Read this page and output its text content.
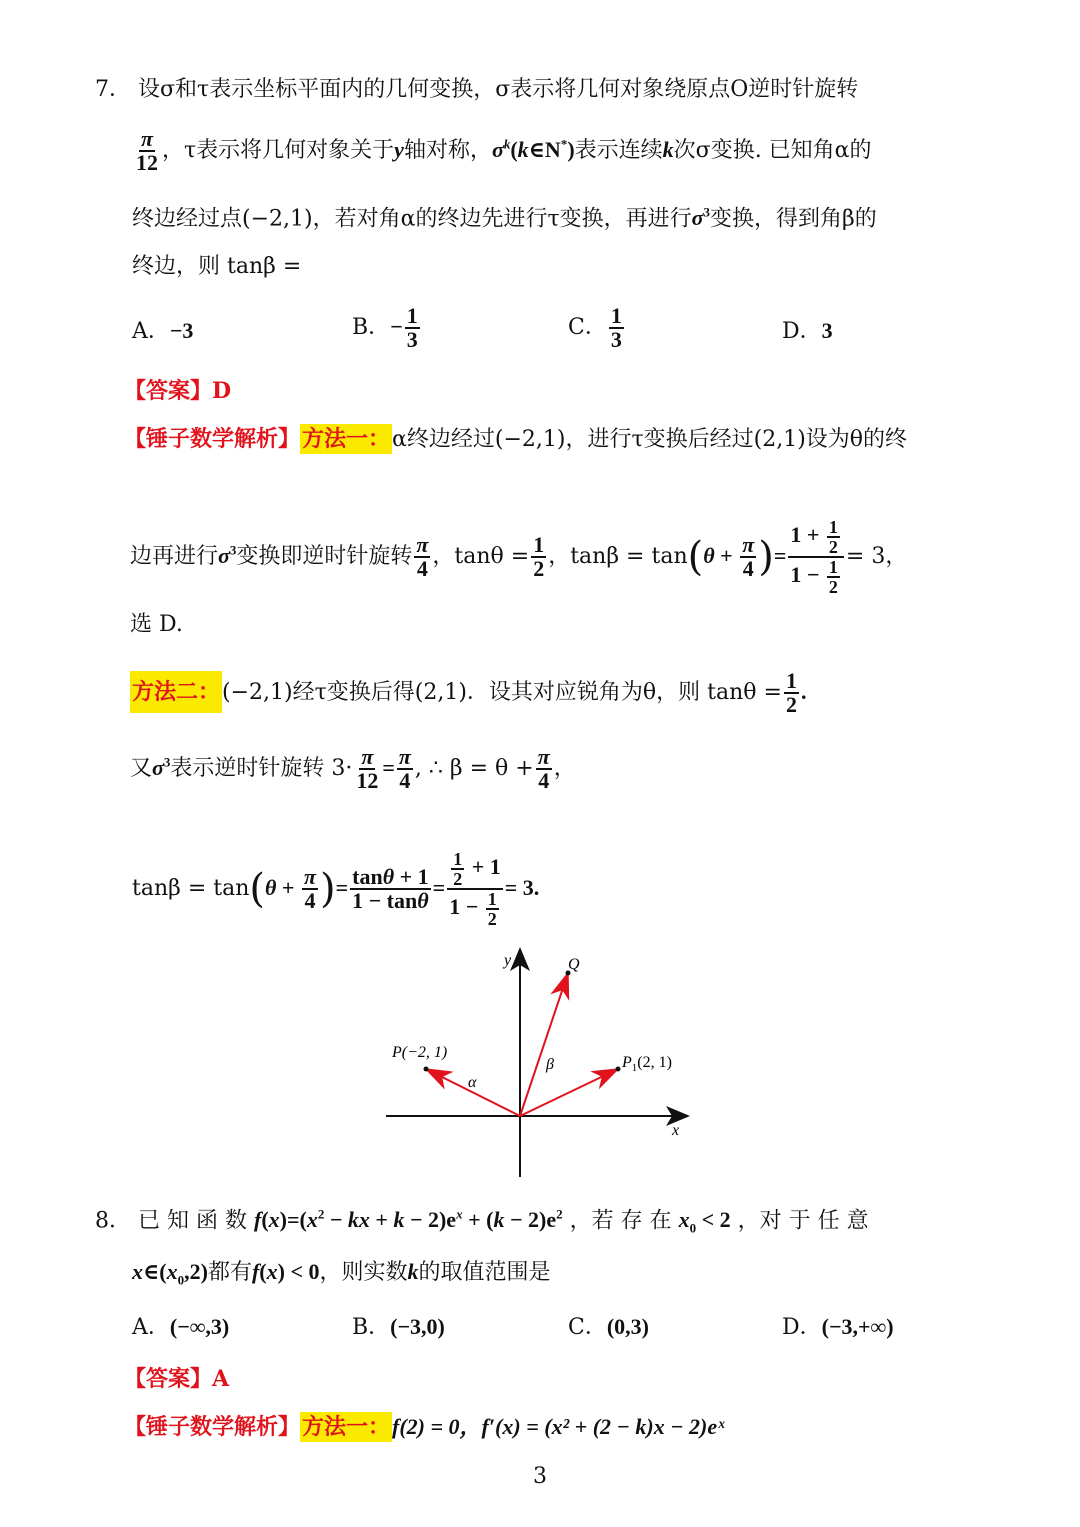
7． 设σ和τ表示坐标平面内的几何变换，σ表示将几何对象绕原点O逆时针旋转
$\frac{\pi}{12}$ ，τ表示将几何对象关于y轴对称，$\sigma^k(k\in N^*)$表示连续k次σ变换. 已知角α的
终边经过点(−2,1)，若对角α的终边先进行τ变换，再进行$\sigma^3$变换，得到角β的
终边，则 tanβ =
A．−3	B．− $\frac{1}{3}$	C． $\frac{1}{3}$	D．3
【答案】D
【锤子数学解析】方法一：α终边经过(−2,1)，进行τ变换后经过(2,1)设为θ的终
边再进行$\sigma^3$变换即逆时针旋转 $\frac{\pi}{4}$ ，$\tan\theta = \frac{1}{2}$ ，$\tan\beta = \tan(\theta + \frac{\pi}{4}$ )= $\frac{1 + \frac{1}{2}}{1 - \frac{1}{2}} = 3$，
选 D.
方法二：(−2,1)经τ变换后得(2,1)．设其对应锐角为θ，则 $\tan\theta = \frac{1}{2}$ .
又$\sigma^3$表示逆时针旋转 $3\cdot \frac{\pi}{12} = \frac{\pi}{4}$ , ∴ $\beta = \theta + \frac{\pi}{4}$ ，
$\tan\beta = \tan(\theta + \frac{\pi}{4}$ )= $\frac{\tan\theta + 1}{1 - \tan\theta} = \frac{\frac{1}{2} + 1}{1 - \frac{1}{2}} = 3$.
y
x
Q
P(−2, 1)
$P_1(2$, 1)
α
β
8． 已 知 函 数 $f(x)=(x^2$ − kx + $k - 2)e^x + (k - 2)e^2$ ，若 存 在 $x_0 < 2$ ，对 于 任 意
$x\in(x_0,2)$都有f(x) < 0，则实数k的取值范围是
A．(−∞,3)	B．(−3,0)	C．(0,3)	D．(−3,+∞)
【答案】A
【锤子数学解析】方法一：f(2) = 0，f′(x) = (x² + (2 − k)x − 2)eˣ
3
